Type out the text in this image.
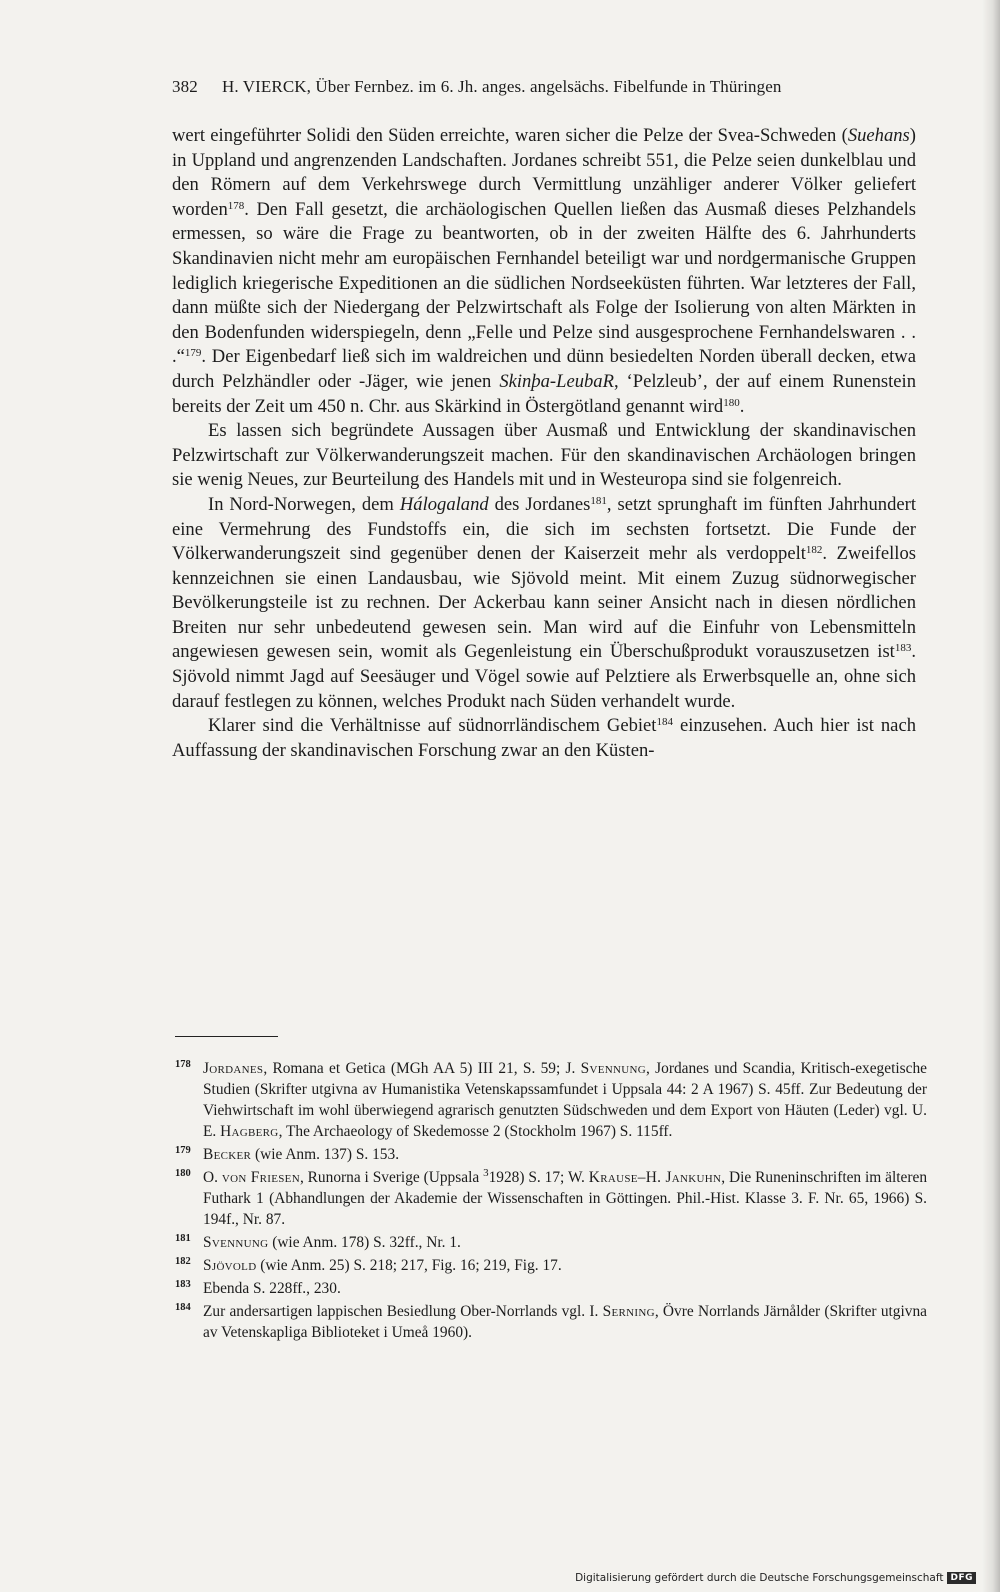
382 H. VIERCK, Über Fernbez. im 6. Jh. anges. angelsächs. Fibelfunde in Thüringen

wert eingeführter Solidi den Süden erreichte, waren sicher die Pelze der Svea-Schweden (Suehans) in Uppland und angrenzenden Landschaften. Jordanes schreibt 551, die Pelze seien dunkelblau und den Römern auf dem Verkehrswege durch Vermittlung unzähliger anderer Völker geliefert worden$^{178}$. Den Fall gesetzt, die archäologischen Quellen ließen das Ausmaß dieses Pelzhandels ermessen, so wäre die Frage zu beantworten, ob in der zweiten Hälfte des 6. Jahrhunderts Skandinavien nicht mehr am europäischen Fernhandel beteiligt war und nordgermanische Gruppen lediglich kriegerische Expeditionen an die südlichen Nordseeküsten führten. War letzteres der Fall, dann müßte sich der Niedergang der Pelzwirtschaft als Folge der Isolierung von alten Märkten in den Bodenfunden widerspiegeln, denn „Felle und Pelze sind ausgesprochene Fernhandelswaren . . .“$^{179}$. Der Eigenbedarf ließ sich im waldreichen und dünn besiedelten Norden überall decken, etwa durch Pelzhändler oder -Jäger, wie jenen Skinþa-LeubaR, ‘Pelzleub’, der auf einem Runenstein bereits der Zeit um 450 n. Chr. aus Skärkind in Östergötland genannt wird$^{180}$.

Es lassen sich begründete Aussagen über Ausmaß und Entwicklung der skandinavischen Pelzwirtschaft zur Völkerwanderungszeit machen. Für den skandinavischen Archäologen bringen sie wenig Neues, zur Beurteilung des Handels mit und in Westeuropa sind sie folgenreich.

In Nord-Norwegen, dem Hálogaland des Jordanes$^{181}$, setzt sprunghaft im fünften Jahrhundert eine Vermehrung des Fundstoffs ein, die sich im sechsten fortsetzt. Die Funde der Völkerwanderungszeit sind gegenüber denen der Kaiserzeit mehr als verdoppelt$^{182}$. Zweifellos kennzeichnen sie einen Landausbau, wie Sjövold meint. Mit einem Zuzug südnorwegischer Bevölkerungsteile ist zu rechnen. Der Ackerbau kann seiner Ansicht nach in diesen nördlichen Breiten nur sehr unbedeutend gewesen sein. Man wird auf die Einfuhr von Lebensmitteln angewiesen gewesen sein, womit als Gegenleistung ein Überschußprodukt vorauszusetzen ist$^{183}$. Sjövold nimmt Jagd auf Seesäuger und Vögel sowie auf Pelztiere als Erwerbsquelle an, ohne sich darauf festlegen zu können, welches Produkt nach Süden verhandelt wurde.

Klarer sind die Verhältnisse auf südnorrländischem Gebiet$^{184}$ einzusehen. Auch hier ist nach Auffassung der skandinavischen Forschung zwar an den Küsten-

178 Jordanes, Romana et Getica (MGh AA 5) III 21, S. 59; J. Svennung, Jordanes und Scandia, Kritisch-exegetische Studien (Skrifter utgivna av Humanistika Vetenskapssamfundet i Uppsala 44: 2 A 1967) S. 45ff. Zur Bedeutung der Viehwirtschaft im wohl überwiegend agrarisch genutzten Südschweden und dem Export von Häuten (Leder) vgl. U. E. Hagberg, The Archaeology of Skedemosse 2 (Stockholm 1967) S. 115ff.
179 Becker (wie Anm. 137) S. 153.
180 O. von Friesen, Runorna i Sverige (Uppsala $^3$1928) S. 17; W. Krause–H. Jankuhn, Die Runeninschriften im älteren Futhark 1 (Abhandlungen der Akademie der Wissenschaften in Göttingen. Phil.-Hist. Klasse 3. F. Nr. 65, 1966) S. 194f., Nr. 87.
181 Svennung (wie Anm. 178) S. 32ff., Nr. 1.
182 Sjövold (wie Anm. 25) S. 218; 217, Fig. 16; 219, Fig. 17.
183 Ebenda S. 228ff., 230.
184 Zur andersartigen lappischen Besiedlung Ober-Norrlands vgl. I. Serning, Övre Norrlands Järnålder (Skrifter utgivna av Vetenskapliga Biblioteket i Umeå 1960).
Digitalisierung gefördert durch die Deutsche Forschungsgemeinschaft DFG
